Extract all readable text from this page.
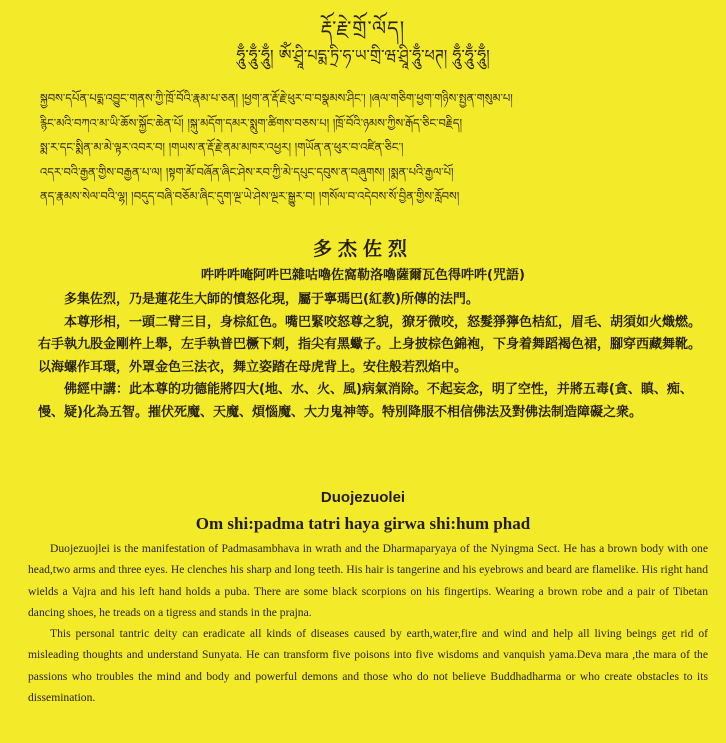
རྡོ་རྗེ་གྲོ་ལོད།
ཧཱུྃ་ཧཱུྃ་ཧཱུྃ། ཨོཾ་ཤྲཱི་པདྨ་ཏྲི་ཧ་ཡ་གྲི་ཝ་ཤྲཱི་ཧཱུྃ་ཕཊ། ཧཱུྃ་ཧཱུྃ་ཧཱུྃ།
སྐྱབས་དཔོན་པདྨ་འབྱུང་གནས་ཀྱི་ཁྲོ་བོའི་རྣམ་པ་ཅན། །ཕྱག་ན་རྡོ་རྗེ་ཕུར་བ་བསྣམས་ཤིང་། །ཞལ་གཅིག་ཕྱག་གཉིས་སྤྱན་གསུམ་པ།
རྙིང་མའི་བཀའ་མ་ཡི་ཆོས་སྐྱོང་ཆེན་པོ། །སྐུ་མདོག་དམར་སྨུག་ཚིགས་བཅས་པ། །ཁྲོ་བོའི་ཉམས་ཀྱིས་རྒོད་ཅིང་བརྗིད།
སྨ་ར་དང་སྨིན་མ་མེ་ལྟར་འབར་བ། །གཡས་ན་རྡོ་རྗེ་ནམ་མཁར་འཕྱར། །གཡོན་ན་ཕུར་བ་འཛིན་ཅིང་།
འདར་བའི་རྒྱན་གྱིས་བརྒྱན་པ་ལ། །སྟག་མོ་བཞོན་ཞིང་ཤེས་རབ་ཀྱི་མེ་དཔུང་དབུས་ན་བཞུགས། །སྨན་པའི་རྒྱལ་པོ།
ནད་རྣམས་སེལ་བའི་ལྷ། །བདུད་བཞི་བཅོམ་ཞིང་དུག་ལྔ་ཡེ་ཤེས་ལྔར་སྒྱུར་བ། །གསོལ་བ་འདེབས་སོ་བྱིན་གྱིས་རློབས།
多杰佐烈
吽吽吽唵阿吽巴雜咕嚕佐窩勒洛嚕薩爾瓦色得吽吽(咒語)

多集佐烈，乃是蓮花生大師的憤怒化現，屬于寧瑪巴(紅教)所傳的法門。

本尊形相，一頭二臂三目，身棕紅色。嘴巴緊咬怒尊之貌，獠牙微咬，怒髮猙獰色桔紅，眉毛、胡須如火熾燃。右手執九股金剛杵上舉，左手執普巴橛下刺，指尖有黑蠍子。上身披棕色錦袍，下身着舞蹈褐色裙，腳穿西藏舞靴。以海螺作耳環，外罩金色三法衣，舞立姿踏在母虎背上。安住般若烈焰中。

佛經中講：此本尊的功德能將四大(地、水、火、風)病氣消除。不起妄念，明了空性，并將五毒(貪、瞋、痴、慢、疑)化為五智。摧伏死魔、天魔、煩惱魔、大力鬼神等。特別降服不相信佛法及對佛法制造障礙之衆。

Duojezuolei
Om shi:padma tatri haya girwa shi:hum phad

Duojezuojlei is the manifestation of Padmasambhava in wrath and the Dharmaparyaya of the Nyingma Sect. He has a brown body with one head,two arms and three eyes. He clenches his sharp and long teeth. His hair is tangerine and his eyebrows and beard are flamelike. His right hand wields a Vajra and his left hand holds a puba. There are some black scorpions on his fingertips. Wearing a brown robe and a pair of Tibetan dancing shoes, he treads on a tigress and stands in the prajna.

This personal tantric deity can eradicate all kinds of diseases caused by earth,water,fire and wind and help all living beings get rid of misleading thoughts and understand Sunyata. He can transform five poisons into five wisdoms and vanquish yama.Deva mara ,the mara of the passions who troubles the mind and body and powerful demons and those who do not believe Buddhadharma or who create obstacles to its dissemination.
